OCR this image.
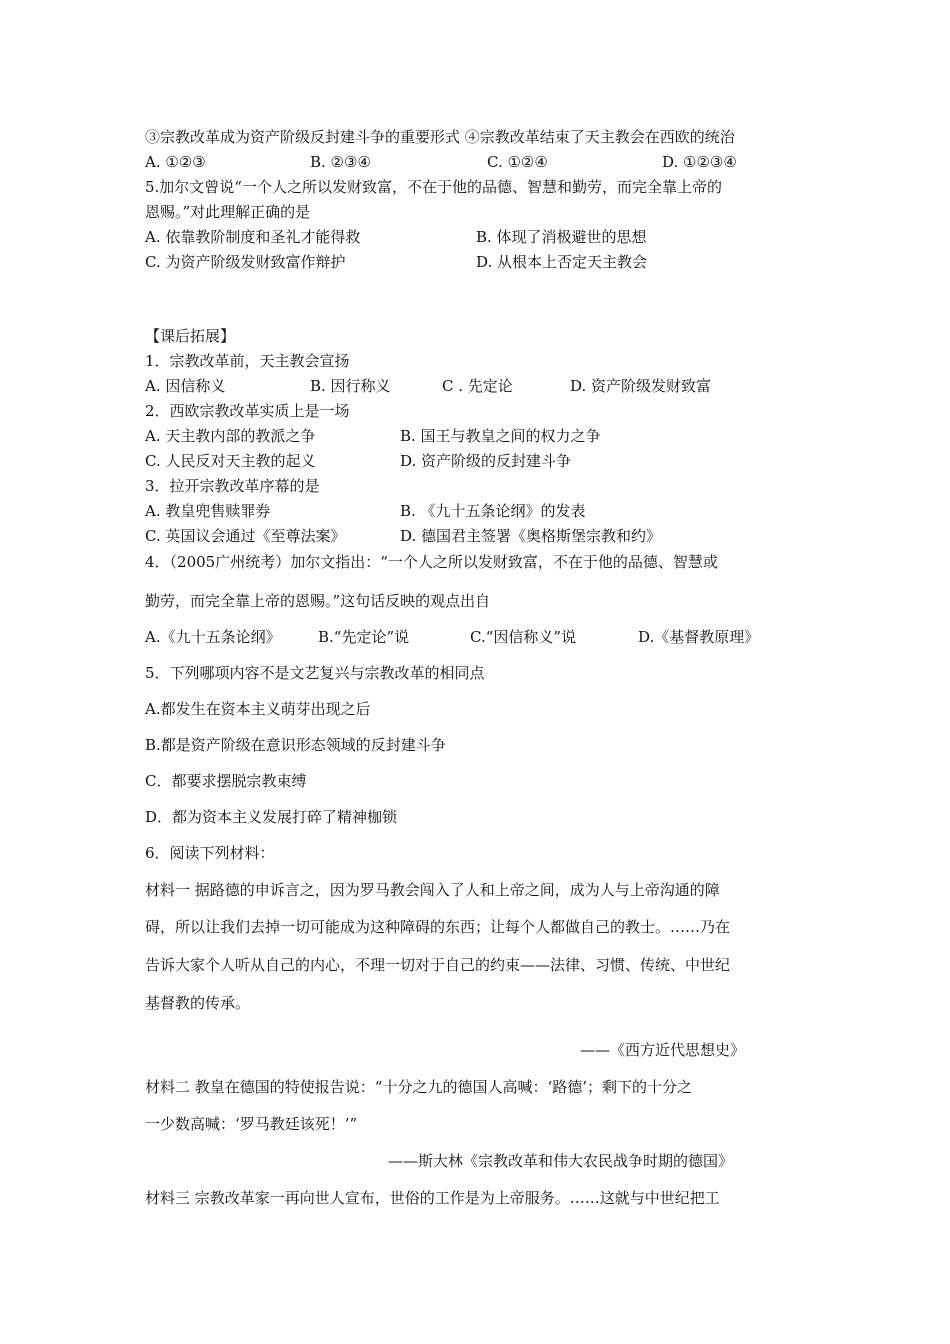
③宗教改革成为资产阶级反封建斗争的重要形式 ④宗教改革结束了天主教会在西欧的统治
A. ①②③	B. ②③④	C. ①②④	D. ①②③④
5.加尔文曾说“一个人之所以发财致富，不在于他的品德、智慧和勤劳，而完全靠上帝的
恩赐。”对此理解正确的是
A. 依靠教阶制度和圣礼才能得救	B. 体现了消极避世的思想
C. 为资产阶级发财致富作辩护	D. 从根本上否定天主教会
【课后拓展】
1．宗教改革前，天主教会宣扬
A. 因信称义	B. 因行称义	C . 先定论	D. 资产阶级发财致富
2．西欧宗教改革实质上是一场
A. 天主教内部的教派之争	B. 国王与教皇之间的权力之争
C. 人民反对天主教的起义	D. 资产阶级的反封建斗争
3．拉开宗教改革序幕的是
A. 教皇兜售赎罪券	B. 《九十五条论纲》的发表
C. 英国议会通过《至尊法案》	D. 德国君主签署《奥格斯堡宗教和约》
4．（2005广州统考）加尔文指出：“一个人之所以发财致富，不在于他的品德、智慧或
勤劳，而完全靠上帝的恩赐。”这句话反映的观点出自
A.《九十五条论纲》 B.“先定论”说	C.“因信称义”说	D.《基督教原理》
5．下列哪项内容不是文艺复兴与宗教改革的相同点
A.都发生在资本主义萌芽出现之后
B.都是资产阶级在意识形态领域的反封建斗争
C．都要求摆脱宗教束缚
D．都为资本主义发展打碎了精神枷锁
6．阅读下列材料：
材料一 据路德的申诉言之，因为罗马教会闯入了人和上帝之间，成为人与上帝沟通的障
碍，所以让我们去掉一切可能成为这种障碍的东西；让每个人都做自己的教士。……乃在
告诉大家个人听从自己的内心，不理一切对于自己的约束——法律、习惯、传统、中世纪
基督教的传承。
——《西方近代思想史》
材料二 教皇在德国的特使报告说：“十分之九的德国人高喊：‘路德’；剩下的十分之
一少数高喊：‘罗马教廷该死！’”
——斯大林《宗教改革和伟大农民战争时期的德国》
材料三 宗教改革家一再向世人宣布，世俗的工作是为上帝服务。……这就与中世纪把工
